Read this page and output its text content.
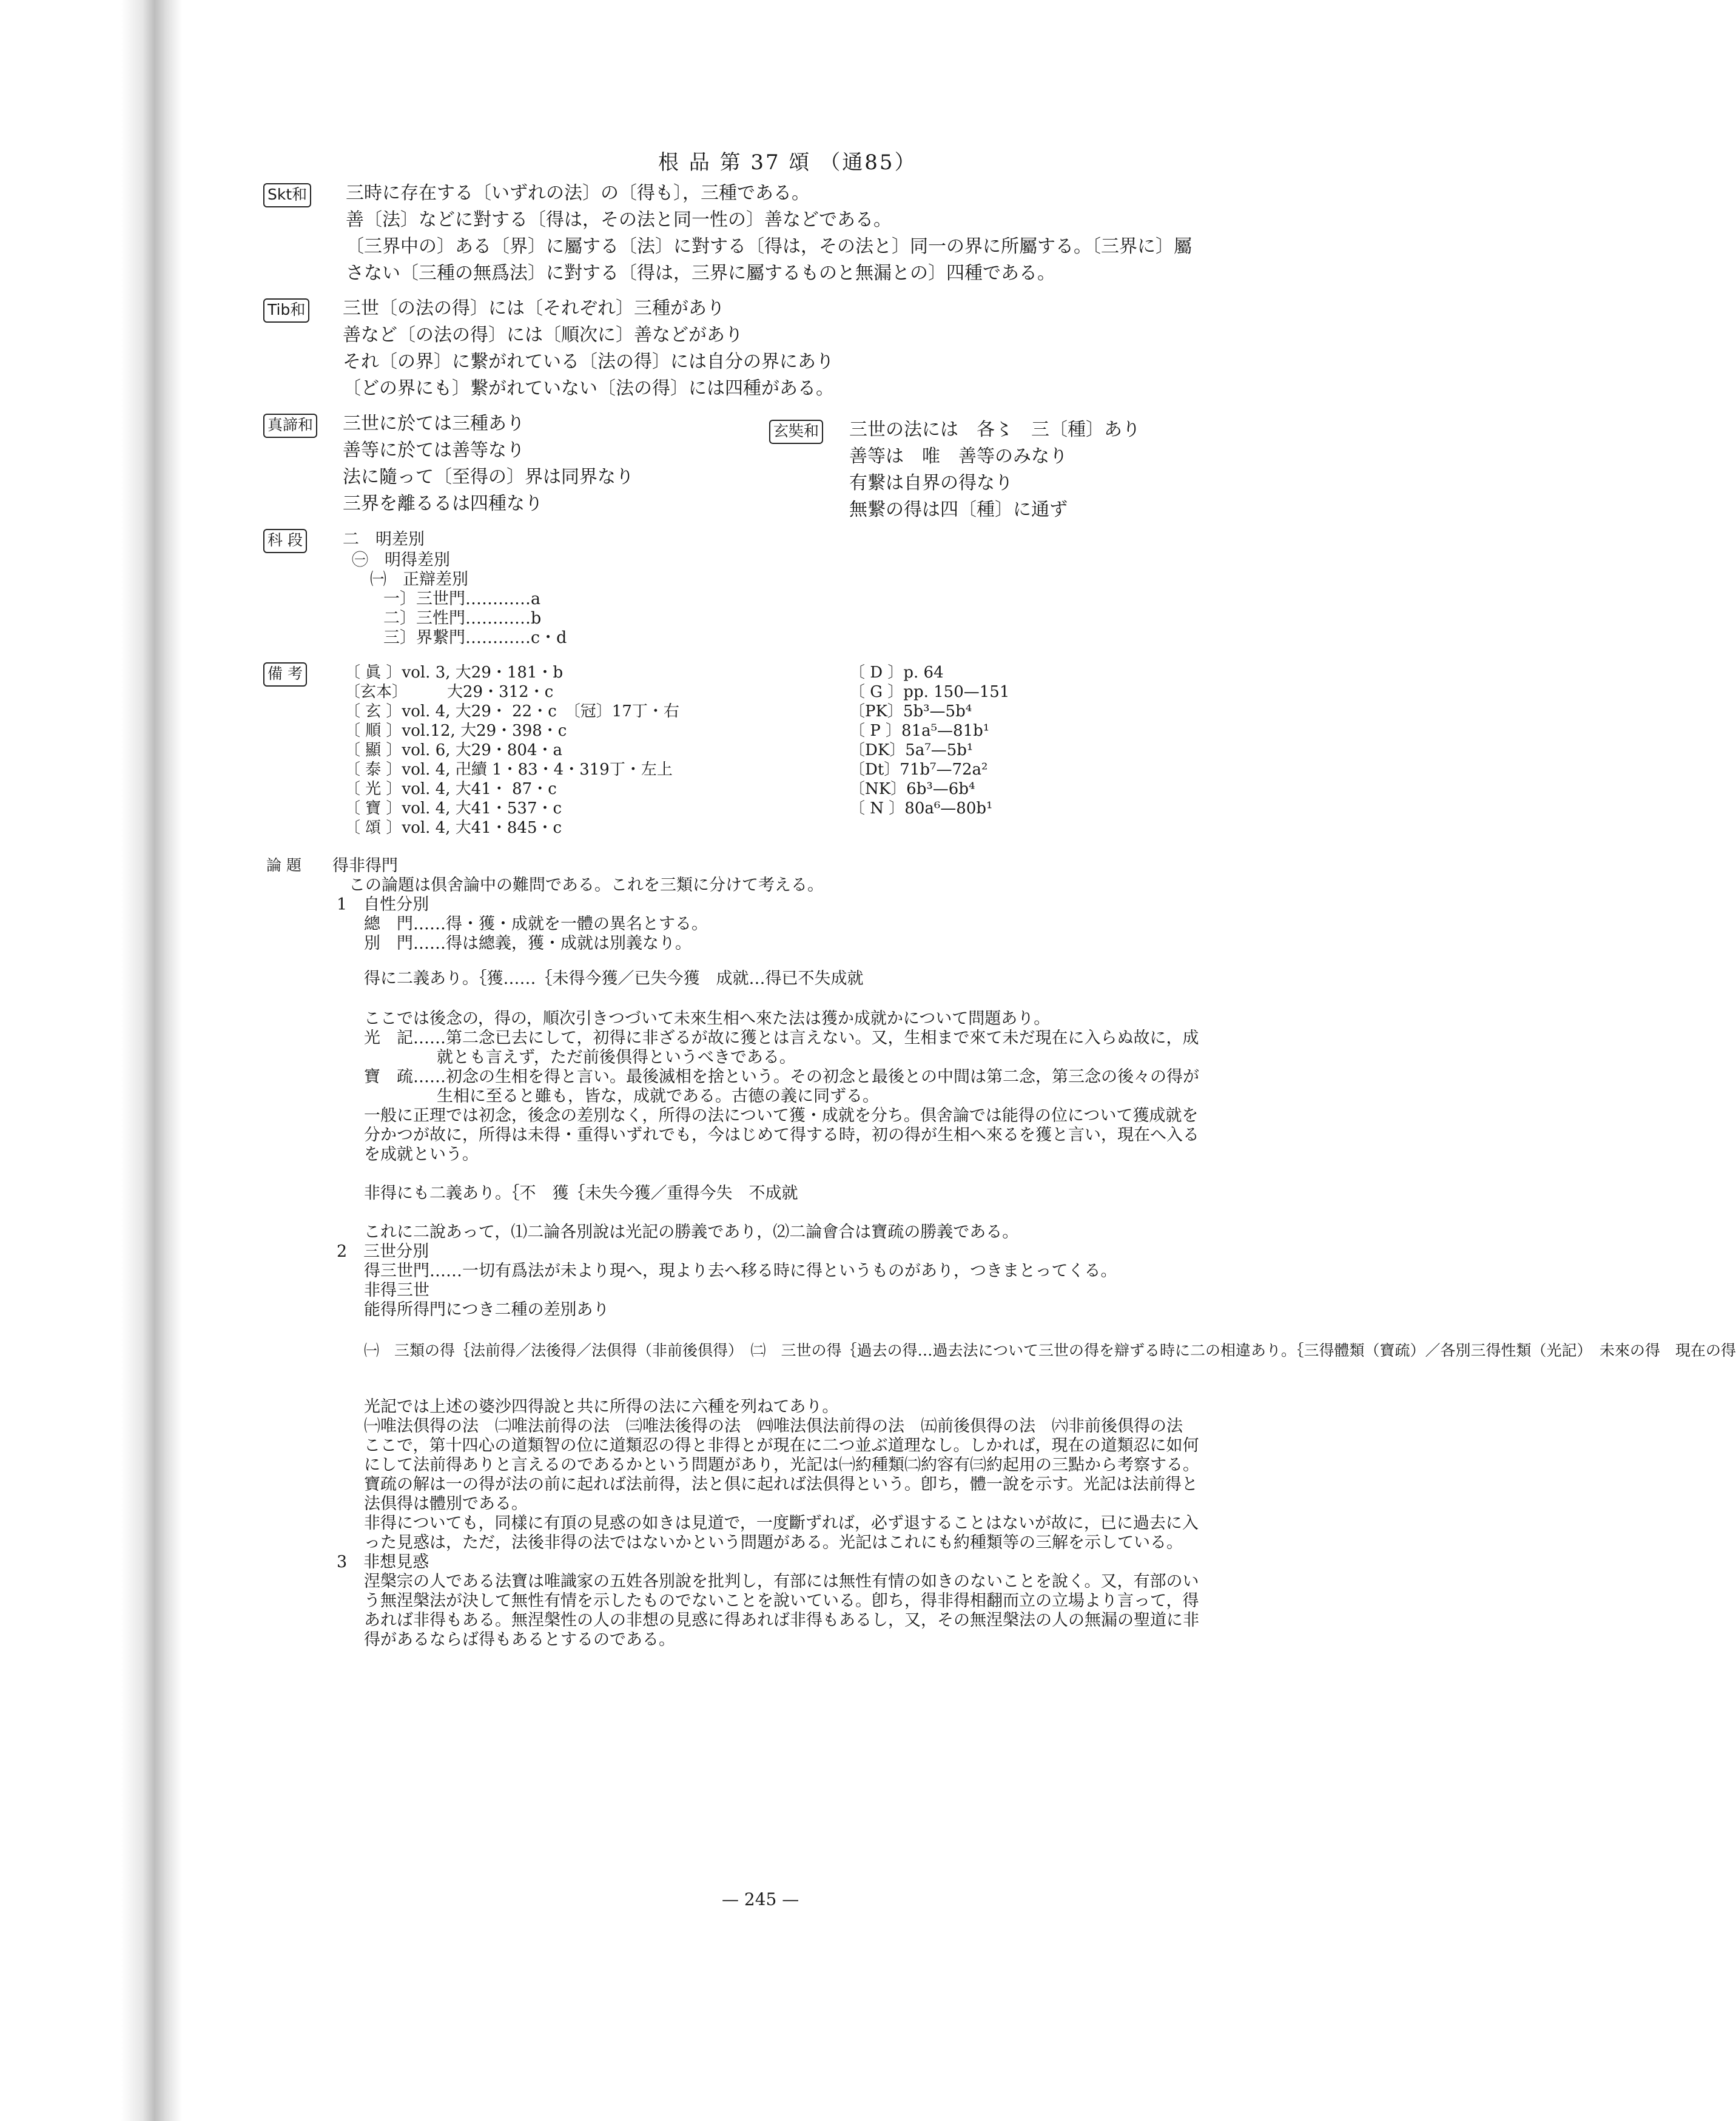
根 品 第 37 頌 （通85）
Skt和 三時に存在する〔いずれの法〕の〔得も〕，三種である。
善〔法〕などに對する〔得は，その法と同一性の〕善などである。
〔三界中の〕ある〔界〕に屬する〔法〕に對する〔得は，その法と〕同一の界に所屬する。〔三界に〕屬
さない〔三種の無爲法〕に對する〔得は，三界に屬するものと無漏との〕四種である。
Tib和 三世〔の法の得〕には〔それぞれ〕三種があり
善など〔の法の得〕には〔順次に〕善などがあり
それ〔の界〕に繋がれている〔法の得〕には自分の界にあり
〔どの界にも〕繋がれていない〔法の得〕には四種がある。
真諦和 三世に於ては三種あり
善等に於ては善等なり
法に隨って〔至得の〕界は同界なり
三界を離るるは四種なり
玄奘和 三世の法には　各〻　三〔種〕あり
善等は　唯　善等のみなり
有繋は自界の得なり
無繋の得は四〔種〕に通ず
科 段 二　明差別
㊀　明得差別
㈠　正辯差別
一〕三世門…………a
二〕三性門…………b
三〕界繋門…………c・d
備 考	〔 眞 〕vol. 3, 大29・181・b
〔玄本〕　　　大29・312・c
〔 玄 〕vol. 4, 大29・ 22・c　〔冠〕17丁・右
〔 順 〕vol.12, 大29・398・c
〔 顯 〕vol. 6, 大29・804・a
〔 泰 〕vol. 4, 卍續 1・83・4・319丁・左上
〔 光 〕vol. 4, 大41・ 87・c
〔 寶 〕vol. 4, 大41・537・c
〔 頌 〕vol. 4, 大41・845・c
〔 D 〕p. 64
〔 G 〕pp. 150—151
〔PK〕5b³—5b⁴
〔 P 〕81a⁵—81b¹
〔DK〕5a⁷—5b¹
〔Dt〕71b⁷—72a²
〔NK〕6b³—6b⁴
〔 N 〕80a⁶—80b¹
論 題 得非得門
この論題は倶舍論中の難問である。これを三類に分けて考える。
1　自性分別
總　門……得・獲・成就を一體の異名とする。
別　門……得は總義，獲・成就は別義なり。
得に二義あり。｛獲……｛未得今獲／已失今獲　成就…得已不失成就
ここでは後念の，得の，順次引きつづいて未來生相へ來た法は獲か成就かについて問題あり。
光　記……第二念已去にして，初得に非ざるが故に獲とは言えない。又，生相まで來て未だ現在に入らぬ故に，成
就とも言えず，ただ前後倶得というべきである。
寶　疏……初念の生相を得と言い。最後滅相を捨という。その初念と最後との中間は第二念，第三念の後々の得が
生相に至ると雖も，皆な，成就である。古德の義に同ずる。
一般に正理では初念，後念の差別なく，所得の法について獲・成就を分ち。倶舍論では能得の位について獲成就を
分かつが故に，所得は未得・重得いずれでも，今はじめて得する時，初の得が生相へ來るを獲と言い，現在へ入る
を成就という。
非得にも二義あり。｛不　獲｛未失今獲／重得今失　不成就
これに二說あって，⑴二論各別說は光記の勝義であり，⑵二論會合は寶疏の勝義である。
2　三世分別
得三世門……一切有爲法が未より現へ，現より去へ移る時に得というものがあり，つきまとってくる。
非得三世
能得所得門につき二種の差別あり
㈠　三類の得｛法前得／法後得／法倶得（非前後倶得）　㈡　三世の得｛過去の得…過去法について三世の得を辯ずる時に二の相違あり。｛三得體類（寶疏）／各別三得性類（光記）　未來の得　現在の得
光記では上述の婆沙四得說と共に所得の法に六種を列ねてあり。
㈠唯法倶得の法　㈡唯法前得の法　㈢唯法後得の法　㈣唯法倶法前得の法　㈤前後倶得の法　㈥非前後倶得の法
ここで，第十四心の道類智の位に道類忍の得と非得とが現在に二つ並ぶ道理なし。しかれば，現在の道類忍に如何
にして法前得ありと言えるのであるかという問題があり，光記は㈠約種類㈡約容有㈢約起用の三點から考察する。
寶疏の解は一の得が法の前に起れば法前得，法と倶に起れば法倶得という。卽ち，體一說を示す。光記は法前得と
法倶得は體別である。
非得についても，同樣に有頂の見惑の如きは見道で，一度斷ずれば，必ず退することはないが故に，已に過去に入
った見惑は，ただ，法後非得の法ではないかという問題がある。光記はこれにも約種類等の三解を示している。
3　非想見惑
涅槃宗の人である法寶は唯識家の五姓各別說を批判し，有部には無性有情の如きのないことを說く。又，有部のい
う無涅槃法が決して無性有情を示したものでないことを說いている。卽ち，得非得相翻而立の立場より言って，得
あれば非得もある。無涅槃性の人の非想の見惑に得あれば非得もあるし，又，その無涅槃法の人の無漏の聖道に非
得があるならば得もあるとするのである。
— 245 —
